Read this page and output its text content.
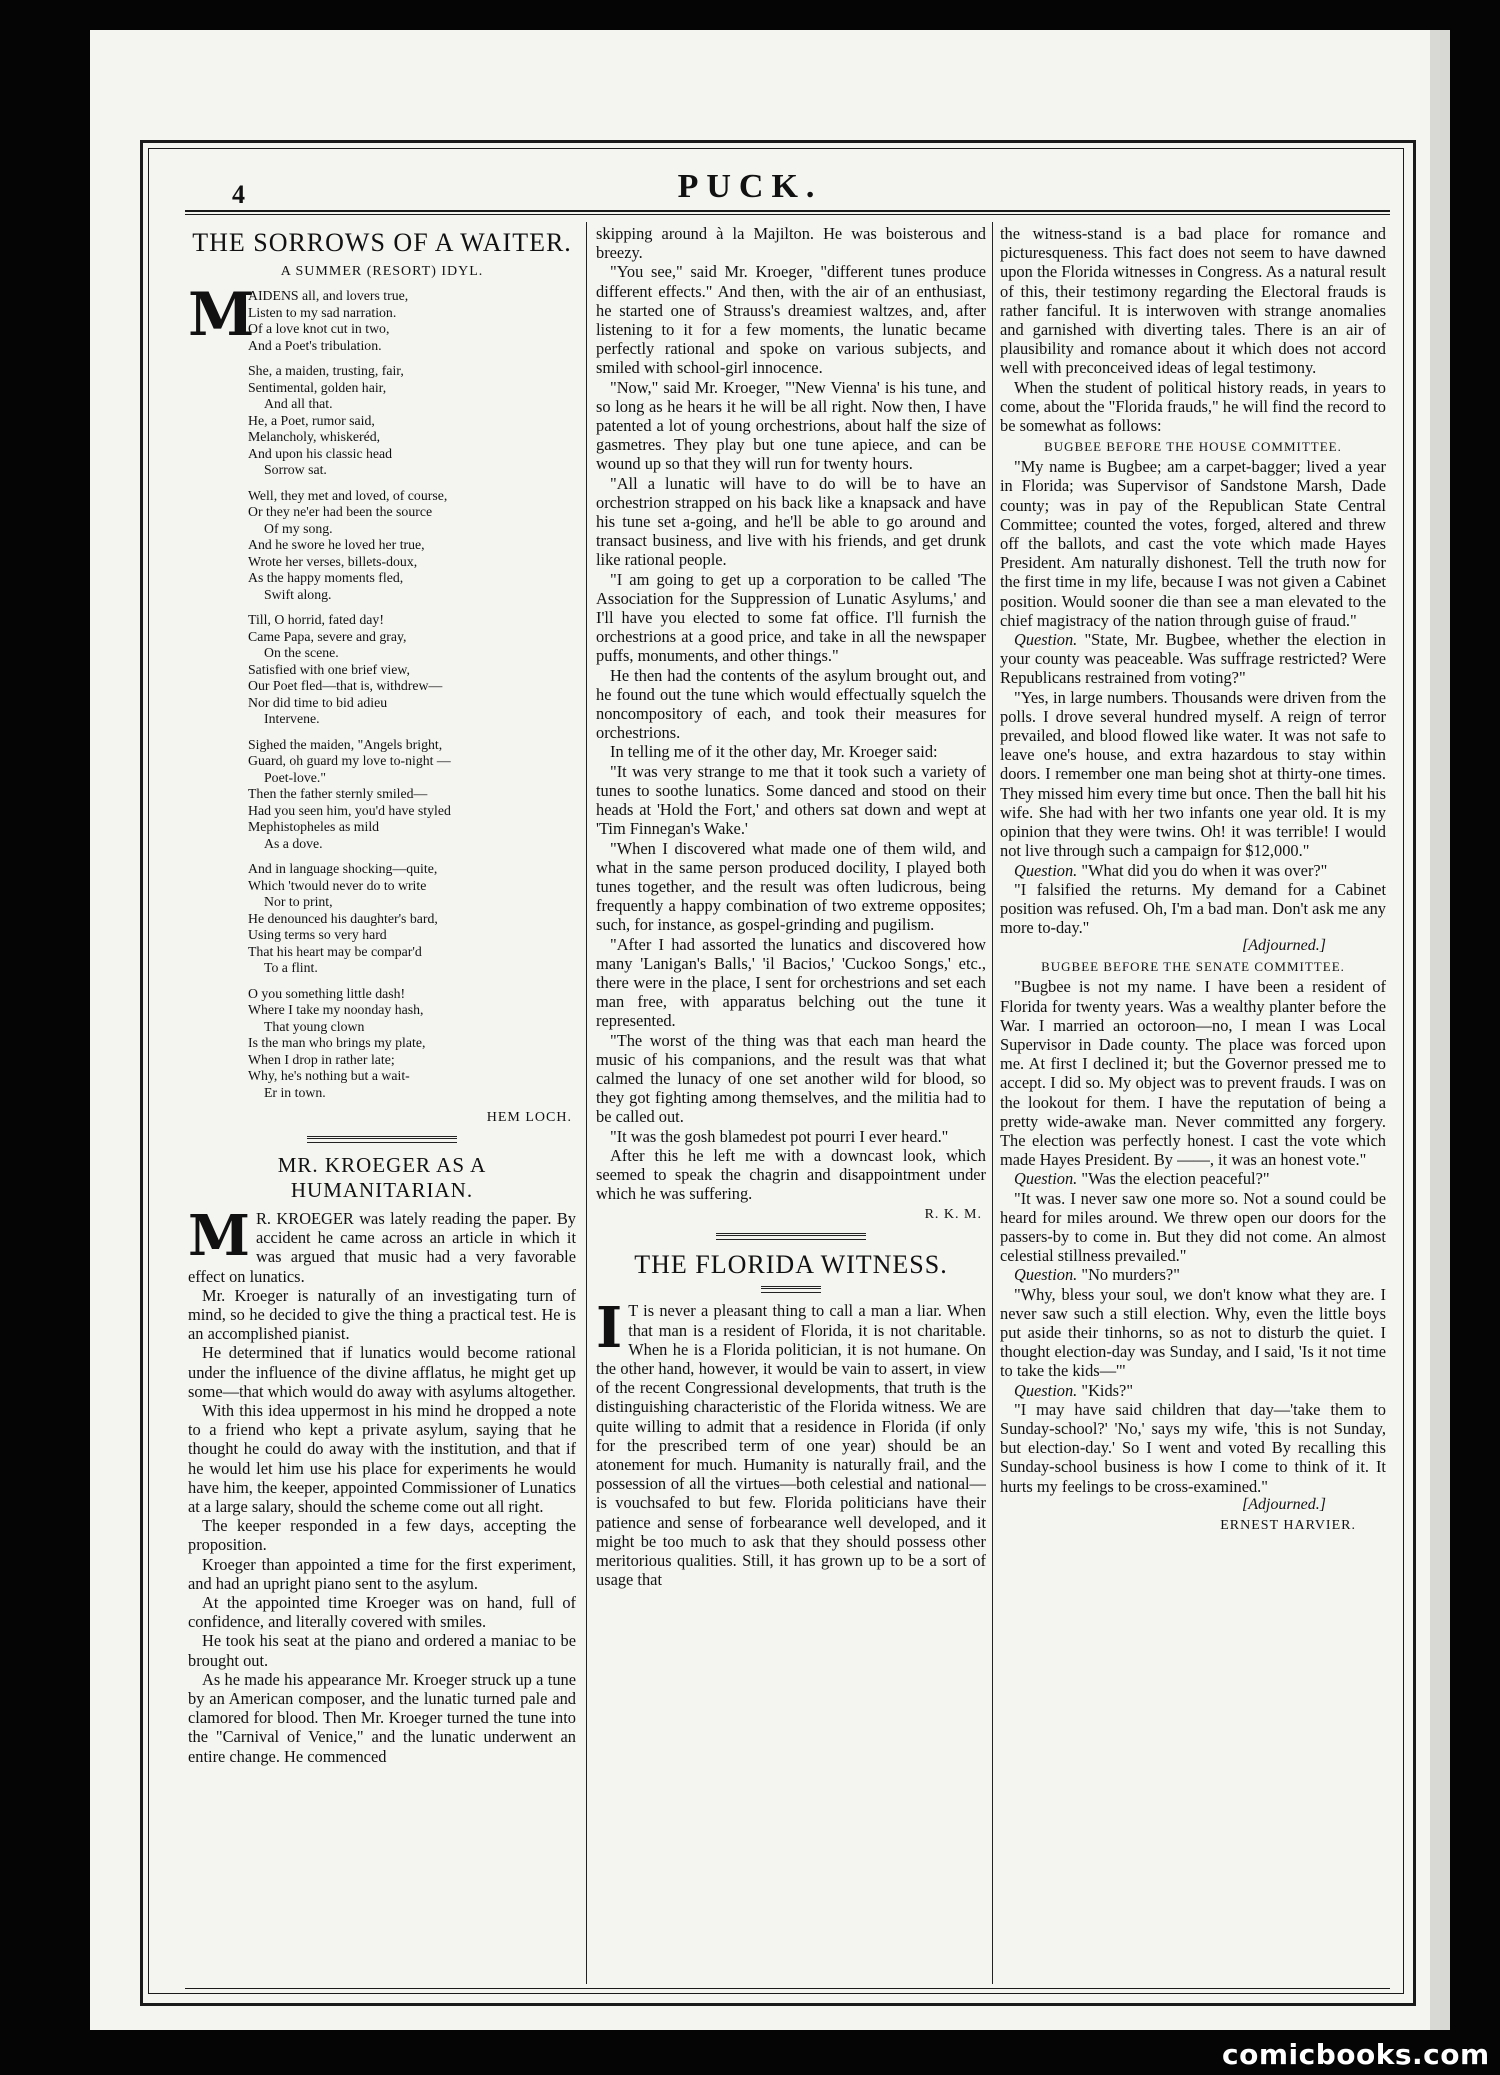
4	PUCK.
THE SORROWS OF A WAITER.
A SUMMER (RESORT) IDYL.
M
AIDENS all, and lovers true,
Listen to my sad narration.
Of a love knot cut in two,
And a Poet's tribulation.
She, a maiden, trusting, fair,
Sentimental, golden hair,
And all that.
He, a Poet, rumor said,
Melancholy, whiskeréd,
And upon his classic head
Sorrow sat.
Well, they met and loved, of course,
Or they ne'er had been the source
Of my song.
And he swore he loved her true,
Wrote her verses, billets-doux,
As the happy moments fled,
Swift along.
Till, O horrid, fated day!
Came Papa, severe and gray,
On the scene.
Satisfied with one brief view,
Our Poet fled—that is, withdrew—
Nor did time to bid adieu
Intervene.
Sighed the maiden, "Angels bright,
Guard, oh guard my love to-night —
Poet-love."
Then the father sternly smiled—
Had you seen him, you'd have styled
Mephistopheles as mild
As a dove.
And in language shocking—quite,
Which 'twould never do to write
Nor to print,
He denounced his daughter's bard,
Using terms so very hard
That his heart may be compar'd
To a flint.
O you something little dash!
Where I take my noonday hash,
That young clown
Is the man who brings my plate,
When I drop in rather late;
Why, he's nothing but a wait-
Er in town.
HEM LOCH.
MR. KROEGER AS A HUMANITARIAN.

M R. KROEGER was lately reading the paper. By accident he came across an article in which it was argued that music had a very favorable effect on lunatics.

Mr. Kroeger is naturally of an investigating turn of mind, so he decided to give the thing a practical test. He is an accomplished pianist.

He determined that if lunatics would become rational under the influence of the divine afflatus, he might get up some—that which would do away with asylums altogether.

With this idea uppermost in his mind he dropped a note to a friend who kept a private asylum, saying that he thought he could do away with the institution, and that if he would let him use his place for experiments he would have him, the keeper, appointed Commissioner of Lunatics at a large salary, should the scheme come out all right.

The keeper responded in a few days, accepting the proposition.

Kroeger than appointed a time for the first experiment, and had an upright piano sent to the asylum.

At the appointed time Kroeger was on hand, full of confidence, and literally covered with smiles.

He took his seat at the piano and ordered a maniac to be brought out.

As he made his appearance Mr. Kroeger struck up a tune by an American composer, and the lunatic turned pale and clamored for blood. Then Mr. Kroeger turned the tune into the "Carnival of Venice," and the lunatic underwent an entire change. He commenced

skipping around à la Majilton. He was boisterous and breezy.

"You see," said Mr. Kroeger, "different tunes produce different effects." And then, with the air of an enthusiast, he started one of Strauss's dreamiest waltzes, and, after listening to it for a few moments, the lunatic became perfectly rational and spoke on various subjects, and smiled with school-girl innocence.

"Now," said Mr. Kroeger, "'New Vienna' is his tune, and so long as he hears it he will be all right. Now then, I have patented a lot of young orchestrions, about half the size of gasmetres. They play but one tune apiece, and can be wound up so that they will run for twenty hours.

"All a lunatic will have to do will be to have an orchestrion strapped on his back like a knapsack and have his tune set a-going, and he'll be able to go around and transact business, and live with his friends, and get drunk like rational people.

"I am going to get up a corporation to be called 'The Association for the Suppression of Lunatic Asylums,' and I'll have you elected to some fat office. I'll furnish the orchestrions at a good price, and take in all the newspaper puffs, monuments, and other things."

He then had the contents of the asylum brought out, and he found out the tune which would effectually squelch the noncompository of each, and took their measures for orchestrions.

In telling me of it the other day, Mr. Kroeger said:

"It was very strange to me that it took such a variety of tunes to soothe lunatics. Some danced and stood on their heads at 'Hold the Fort,' and others sat down and wept at 'Tim Finnegan's Wake.'

"When I discovered what made one of them wild, and what in the same person produced docility, I played both tunes together, and the result was often ludicrous, being frequently a happy combination of two extreme opposites; such, for instance, as gospel-grinding and pugilism.

"After I had assorted the lunatics and discovered how many 'Lanigan's Balls,' 'il Bacios,' 'Cuckoo Songs,' etc., there were in the place, I sent for orchestrions and set each man free, with apparatus belching out the tune it represented.

"The worst of the thing was that each man heard the music of his companions, and the result was that what calmed the lunacy of one set another wild for blood, so they got fighting among themselves, and the militia had to be called out.

"It was the gosh blamedest pot pourri I ever heard."

After this he left me with a downcast look, which seemed to speak the chagrin and disappointment under which he was suffering.

R. K. M.
THE FLORIDA WITNESS.

I T is never a pleasant thing to call a man a liar. When that man is a resident of Florida, it is not charitable. When he is a Florida politician, it is not humane. On the other hand, however, it would be vain to assert, in view of the recent Congressional developments, that truth is the distinguishing characteristic of the Florida witness. We are quite willing to admit that a residence in Florida (if only for the prescribed term of one year) should be an atonement for much. Humanity is naturally frail, and the possession of all the virtues—both celestial and national—is vouchsafed to but few. Florida politicians have their patience and sense of forbearance well developed, and it might be too much to ask that they should possess other meritorious qualities. Still, it has grown up to be a sort of usage that

the witness-stand is a bad place for romance and picturesqueness. This fact does not seem to have dawned upon the Florida witnesses in Congress. As a natural result of this, their testimony regarding the Electoral frauds is rather fanciful. It is interwoven with strange anomalies and garnished with diverting tales. There is an air of plausibility and romance about it which does not accord well with preconceived ideas of legal testimony.

When the student of political history reads, in years to come, about the "Florida frauds," he will find the record to be somewhat as follows:

BUGBEE BEFORE THE HOUSE COMMITTEE.

"My name is Bugbee; am a carpet-bagger; lived a year in Florida; was Supervisor of Sandstone Marsh, Dade county; was in pay of the Republican State Central Committee; counted the votes, forged, altered and threw off the ballots, and cast the vote which made Hayes President. Am naturally dishonest. Tell the truth now for the first time in my life, because I was not given a Cabinet position. Would sooner die than see a man elevated to the chief magistracy of the nation through guise of fraud."

Question. "State, Mr. Bugbee, whether the election in your county was peaceable. Was suffrage restricted? Were Republicans restrained from voting?"

"Yes, in large numbers. Thousands were driven from the polls. I drove several hundred myself. A reign of terror prevailed, and blood flowed like water. It was not safe to leave one's house, and extra hazardous to stay within doors. I remember one man being shot at thirty-one times. They missed him every time but once. Then the ball hit his wife. She had with her two infants one year old. It is my opinion that they were twins. Oh! it was terrible! I would not live through such a campaign for $12,000."

Question. "What did you do when it was over?"

"I falsified the returns. My demand for a Cabinet position was refused. Oh, I'm a bad man. Don't ask me any more to-day."

[Adjourned.]
BUGBEE BEFORE THE SENATE COMMITTEE.

"Bugbee is not my name. I have been a resident of Florida for twenty years. Was a wealthy planter before the War. I married an octoroon—no, I mean I was Local Supervisor in Dade county. The place was forced upon me. At first I declined it; but the Governor pressed me to accept. I did so. My object was to prevent frauds. I was on the lookout for them. I have the reputation of being a pretty wide-awake man. Never committed any forgery. The election was perfectly honest. I cast the vote which made Hayes President. By ——, it was an honest vote."

Question. "Was the election peaceful?"

"It was. I never saw one more so. Not a sound could be heard for miles around. We threw open our doors for the passers-by to come in. But they did not come. An almost celestial stillness prevailed."

Question. "No murders?"

"Why, bless your soul, we don't know what they are. I never saw such a still election. Why, even the little boys put aside their tinhorns, so as not to disturb the quiet. I thought election-day was Sunday, and I said, 'Is it not time to take the kids—'"

Question. "Kids?"

"I may have said children that day—'take them to Sunday-school?' 'No,' says my wife, 'this is not Sunday, but election-day.' So I went and voted By recalling this Sunday-school business is how I come to think of it. It hurts my feelings to be cross-examined."

[Adjourned.]
ERNEST HARVIER.
comicbooks.com
